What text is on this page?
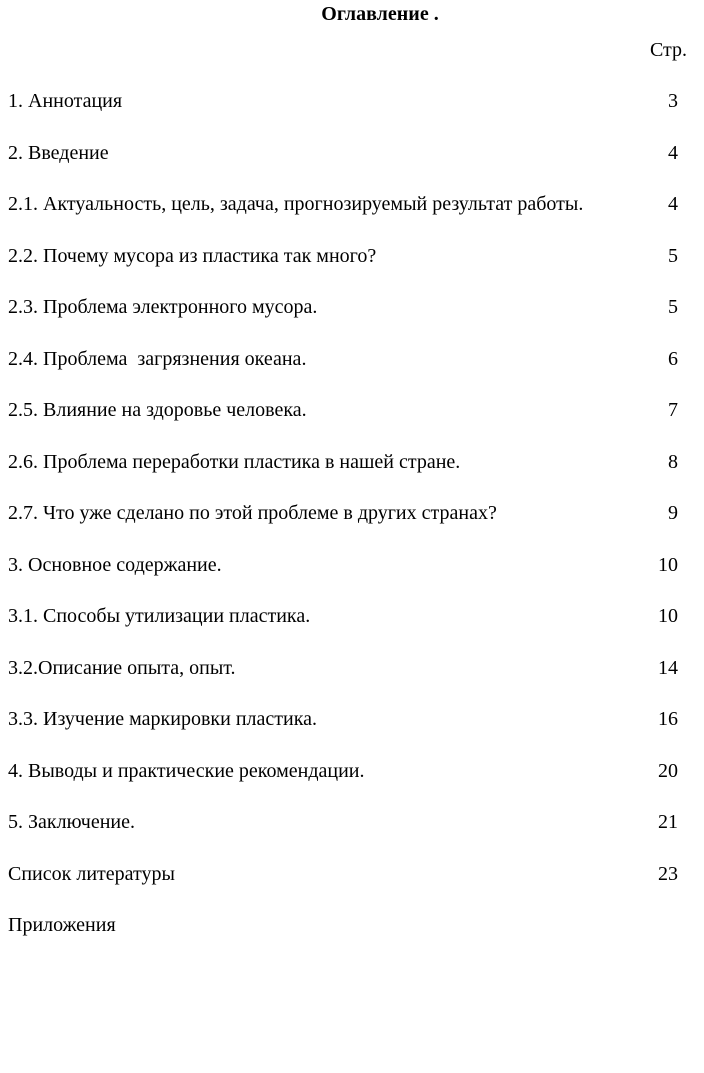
Оглавление .
Стр.
1. Аннотация	3
2. Введение	4
2.1. Актуальность, цель, задача, прогнозируемый результат работы.	4
2.2. Почему мусора из пластика так много?	5
2.3. Проблема электронного мусора.	5
2.4. Проблема  загрязнения океана.	6
2.5. Влияние на здоровье человека.	7
2.6. Проблема переработки пластика в нашей стране.	8
2.7. Что уже сделано по этой проблеме в других странах?	9
3. Основное содержание.	10
3.1. Способы утилизации пластика.	10
3.2.Описание опыта, опыт.	14
3.3. Изучение маркировки пластика.	16
4. Выводы и практические рекомендации.	20
5. Заключение.	21
Список литературы	23
Приложения
